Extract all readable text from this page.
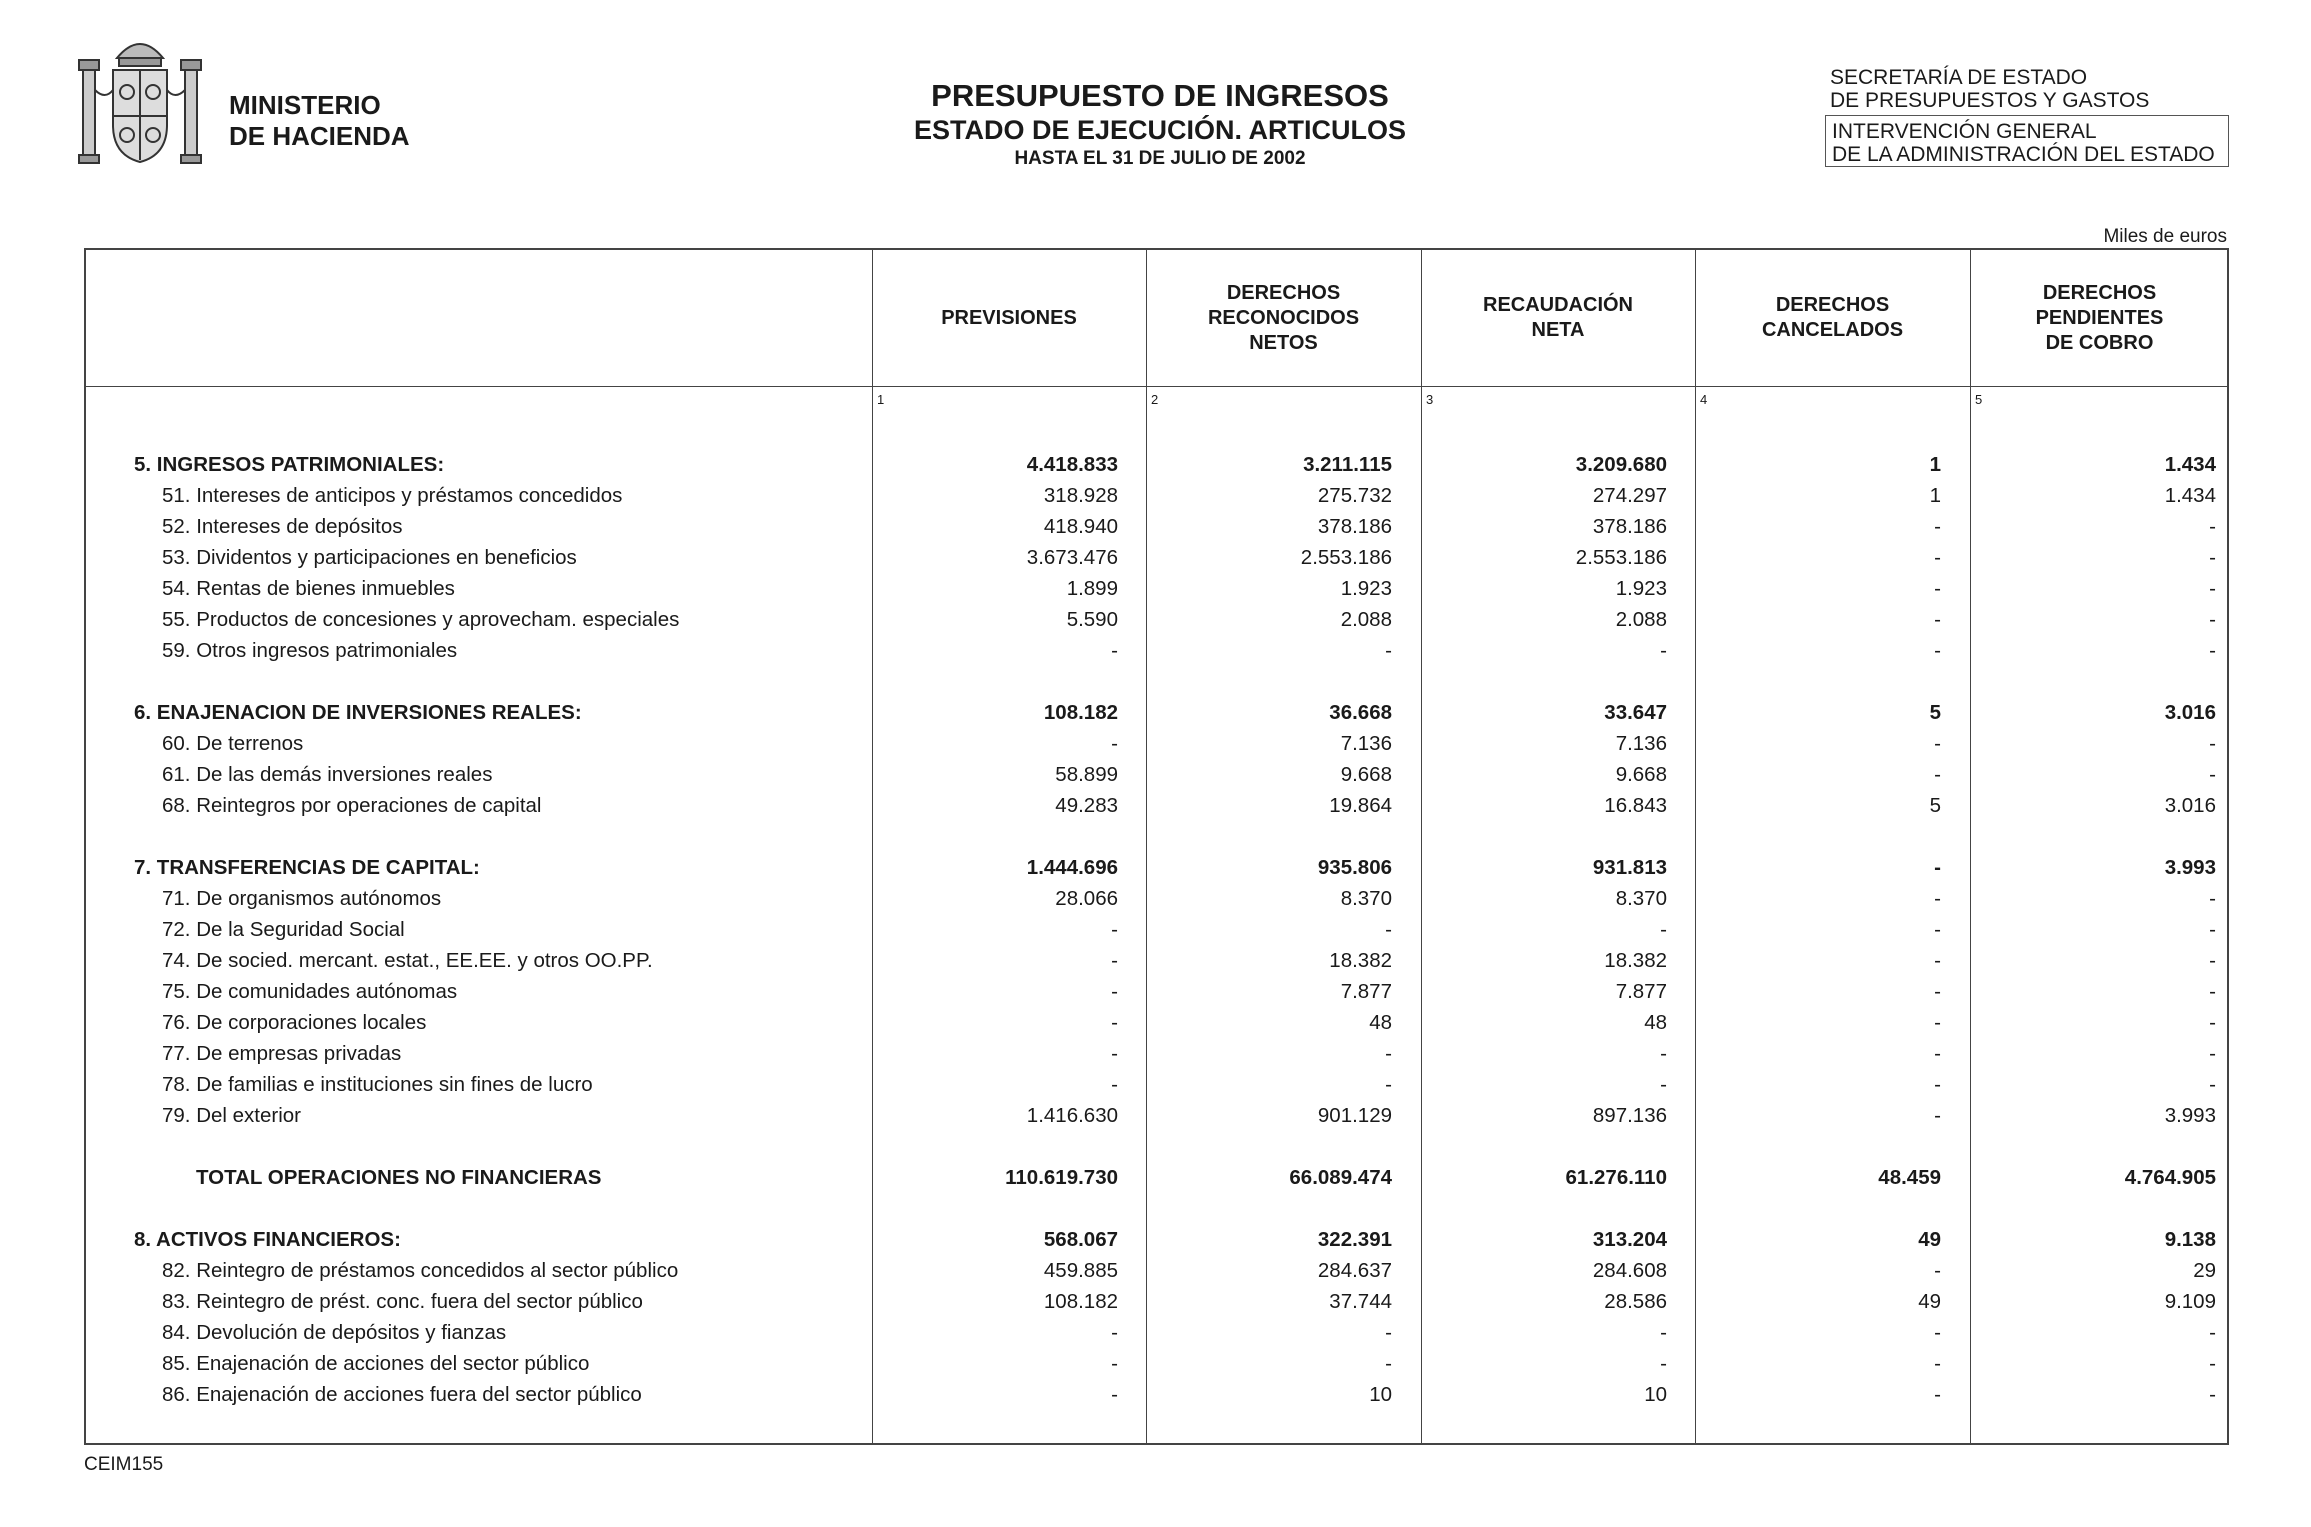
MINISTERIO
DE HACIENDA
PRESUPUESTO DE INGRESOS
ESTADO DE EJECUCIÓN. ARTICULOS
HASTA EL 31 DE JULIO DE 2002
SECRETARÍA DE ESTADO
DE PRESUPUESTOS Y GASTOS
INTERVENCIÓN GENERAL
DE LA ADMINISTRACIÓN DEL ESTADO
Miles de euros
PREVISIONES
DERECHOS
RECONOCIDOS
NETOS
RECAUDACIÓN
NETA
DERECHOS
CANCELADOS
DERECHOS
PENDIENTES
DE COBRO
1	2	3	4	5
5. INGRESOS PATRIMONIALES:	4.418.833	3.211.115	3.209.680	1	1.434
51. Intereses de anticipos y préstamos concedidos	318.928	275.732	274.297	1	1.434
52. Intereses de depósitos	418.940	378.186	378.186	-	-
53. Dividentos y participaciones en beneficios	3.673.476	2.553.186	2.553.186	-	-
54. Rentas de bienes inmuebles	1.899	1.923	1.923	-	-
55. Productos de concesiones y aprovecham. especiales	5.590	2.088	2.088	-	-
59. Otros ingresos patrimoniales	-	-	-	-	-
6. ENAJENACION DE INVERSIONES REALES:	108.182	36.668	33.647	5	3.016
60. De terrenos	-	7.136	7.136	-	-
61. De las demás inversiones reales	58.899	9.668	9.668	-	-
68. Reintegros por operaciones de capital	49.283	19.864	16.843	5	3.016
7. TRANSFERENCIAS DE CAPITAL:	1.444.696	935.806	931.813	-	3.993
71. De organismos autónomos	28.066	8.370	8.370	-	-
72. De la Seguridad Social	-	-	-	-	-
74. De socied. mercant. estat., EE.EE. y otros OO.PP.	-	18.382	18.382	-	-
75. De comunidades autónomas	-	7.877	7.877	-	-
76. De corporaciones locales	-	48	48	-	-
77. De empresas privadas	-	-	-	-	-
78. De familias e instituciones sin fines de lucro	-	-	-	-	-
79. Del exterior	1.416.630	901.129	897.136	-	3.993
TOTAL OPERACIONES NO FINANCIERAS	110.619.730	66.089.474	61.276.110	48.459	4.764.905
8. ACTIVOS FINANCIEROS:	568.067	322.391	313.204	49	9.138
82. Reintegro de préstamos concedidos al sector público	459.885	284.637	284.608	-	29
83. Reintegro de prést. conc. fuera del sector público	108.182	37.744	28.586	49	9.109
84. Devolución de depósitos y fianzas	-	-	-	-	-
85. Enajenación de acciones del sector público	-	-	-	-	-
86. Enajenación de acciones fuera del sector público	-	10	10	-	-
CEIM155
